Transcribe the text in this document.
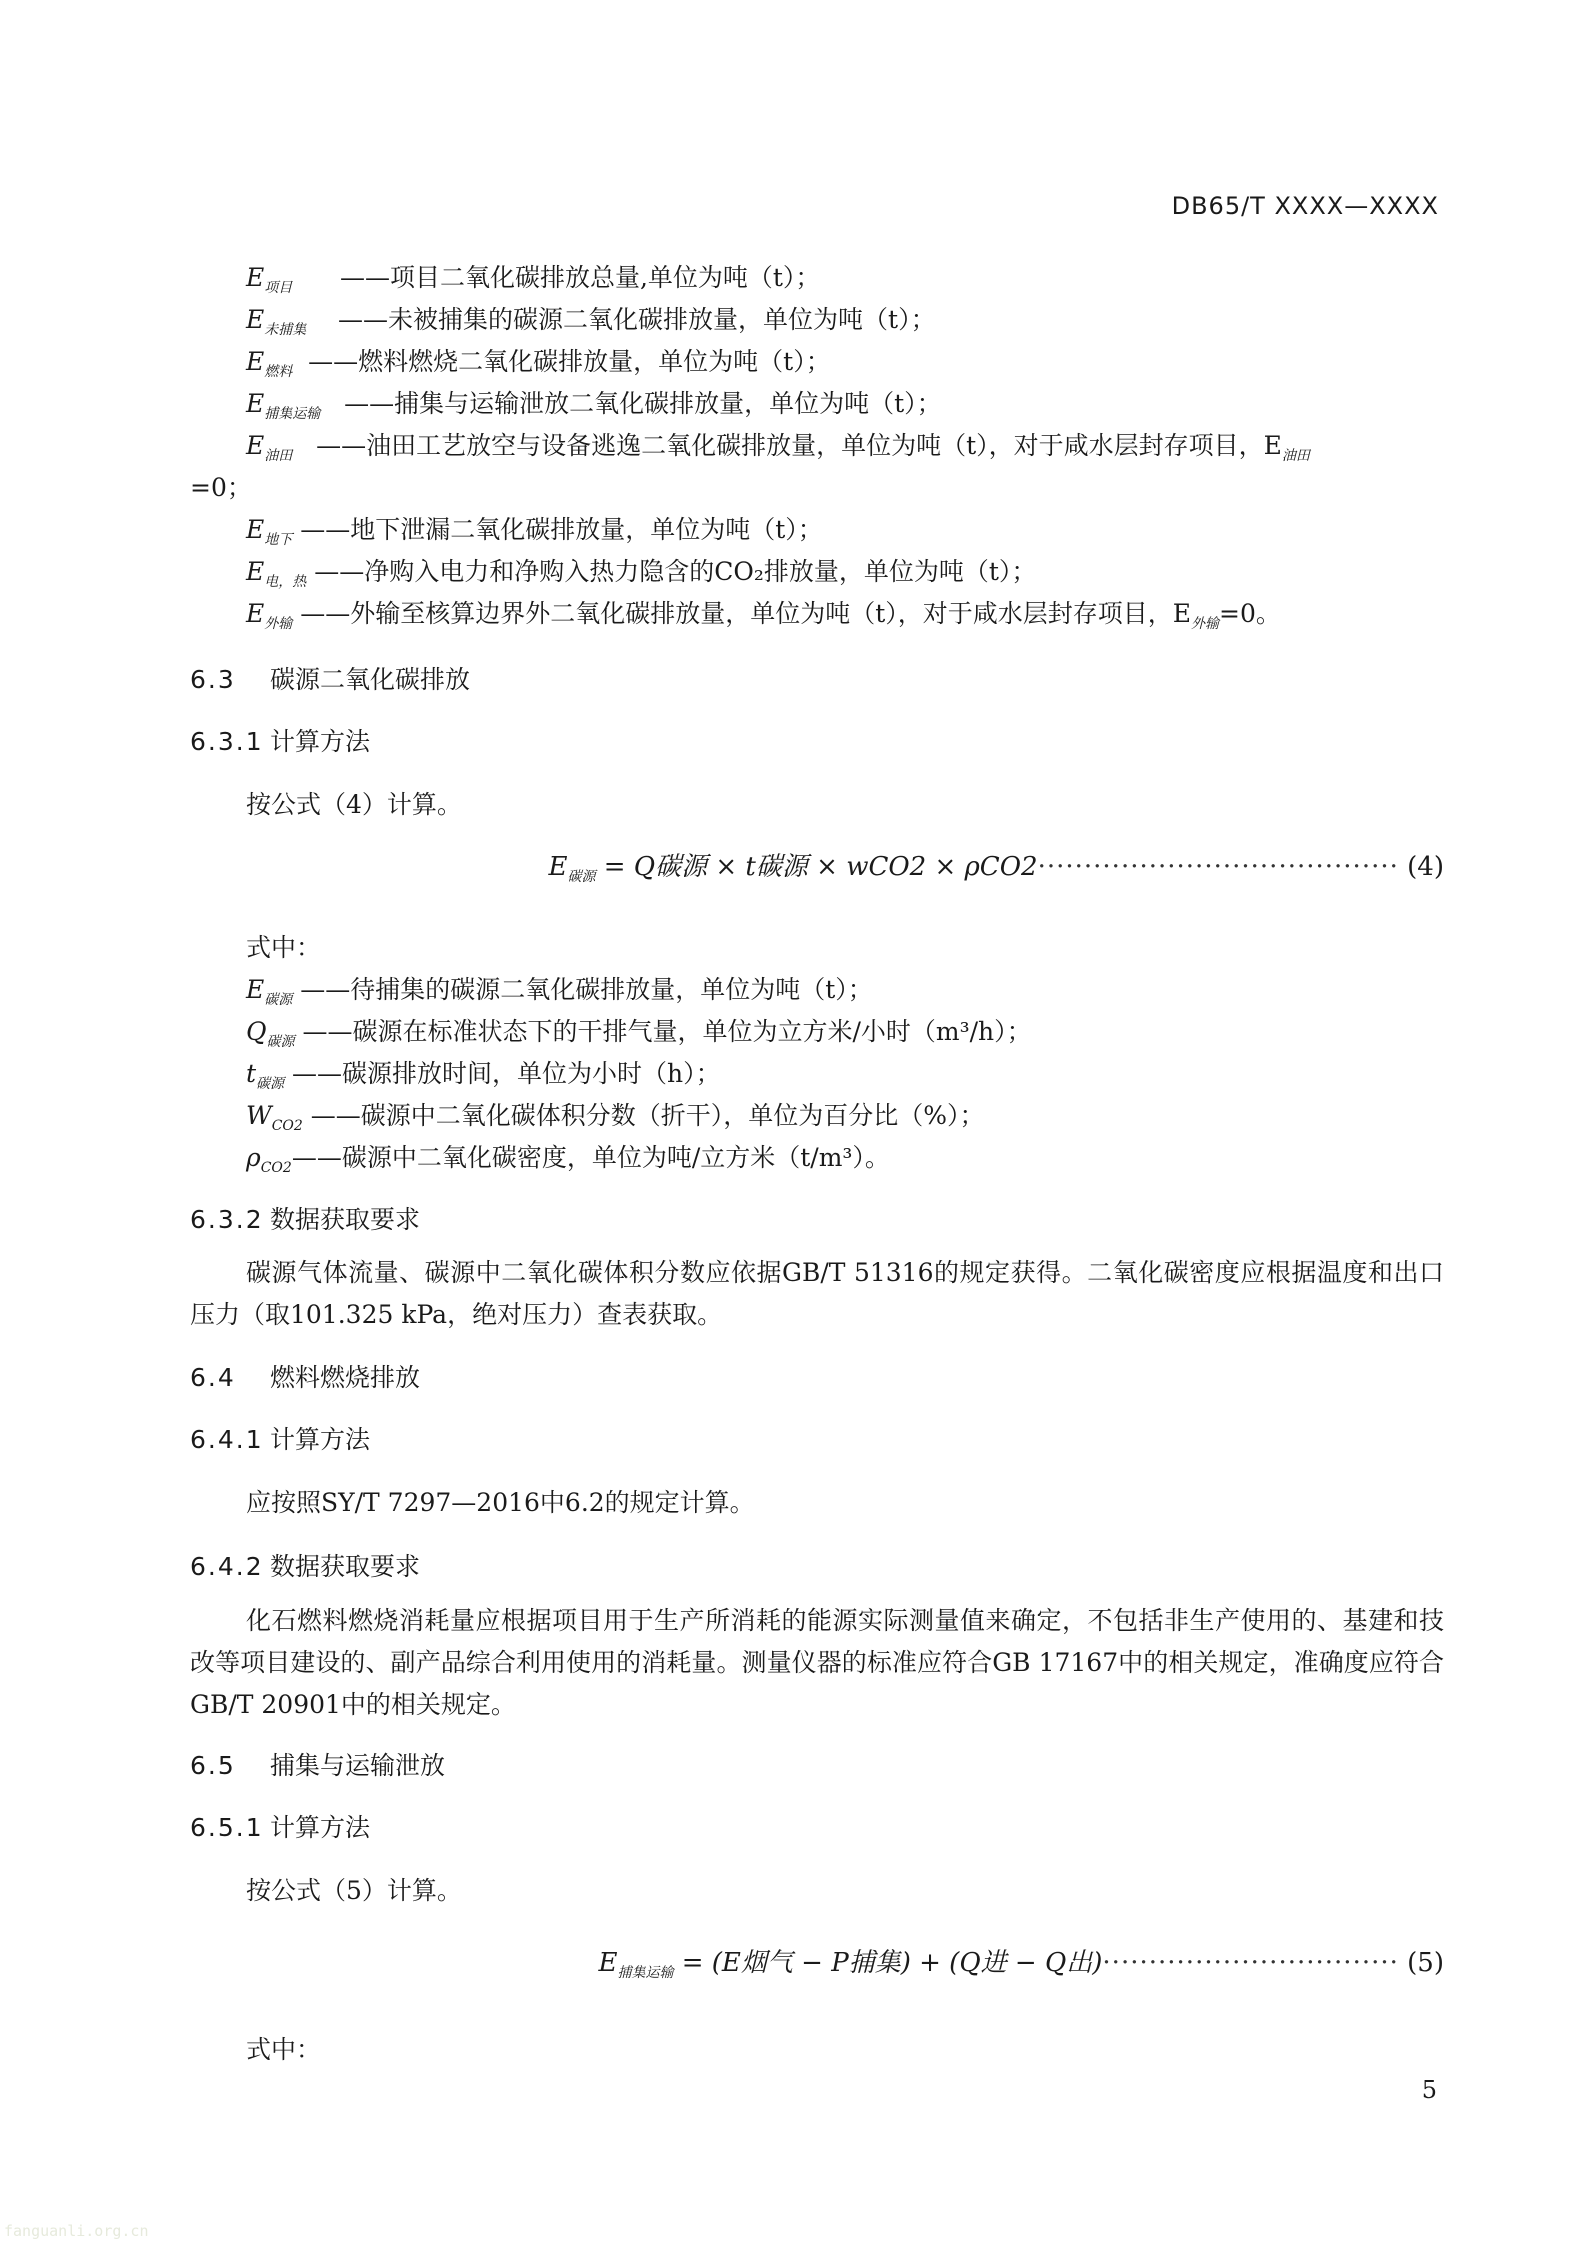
DB65/T XXXX—XXXX
$E_{项目}$ ——项目二氧化碳排放总量,单位为吨（t）；
$E_{未捕集}$ ——未被捕集的碳源二氧化碳排放量，单位为吨（t）；
$E_{燃料}$ ——燃料燃烧二氧化碳排放量，单位为吨（t）；
$E_{捕集运输}$ ——捕集与运输泄放二氧化碳排放量，单位为吨（t）；
$E_{油田}$ ——油田工艺放空与设备逃逸二氧化碳排放量，单位为吨（t），对于咸水层封存项目，$E_{油田}$
=0；
$E_{地下}$ ——地下泄漏二氧化碳排放量，单位为吨（t）；
$E_{电,热}$ ——净购入电力和净购入热力隐含的CO₂排放量，单位为吨（t）；
$E_{外输}$ ——外输至核算边界外二氧化碳排放量，单位为吨（t），对于咸水层封存项目，$E_{外输}=0$。
6.3 碳源二氧化碳排放
6.3.1 计算方法
按公式（4）计算。
$E_{碳源} = Q$碳源 × t碳源 × wCO2 × ρCO2······································· (4)
式中：
$E_{碳源}$ ——待捕集的碳源二氧化碳排放量，单位为吨（t）；
$Q_{碳源}$ ——碳源在标准状态下的干排气量，单位为立方米/小时（m³/h）；
$t_{碳源}$ ——碳源排放时间，单位为小时（h）；
$W_{CO2}$ ——碳源中二氧化碳体积分数（折干），单位为百分比（%）；
$\rho_{CO2}——$碳源中二氧化碳密度，单位为吨/立方米（t/m³）。
6.3.2 数据获取要求
碳源气体流量、碳源中二氧化碳体积分数应依据GB/T 51316的规定获得。二氧化碳密度应根据温度和出口压力（取101.325 kPa，绝对压力）查表获取。
6.4 燃料燃烧排放
6.4.1 计算方法
应按照SY/T 7297—2016中6.2的规定计算。
6.4.2 数据获取要求
化石燃料燃烧消耗量应根据项目用于生产所消耗的能源实际测量值来确定，不包括非生产使用的、基建和技改等项目建设的、副产品综合利用使用的消耗量。测量仪器的标准应符合GB 17167中的相关规定，准确度应符合GB/T 20901中的相关规定。
6.5 捕集与运输泄放
6.5.1 计算方法
按公式（5）计算。
$E_{捕集运输} = (E$烟气 − P捕集) + (Q进 − Q出)································ (5)
式中：
5
fanguanli.org.cn
